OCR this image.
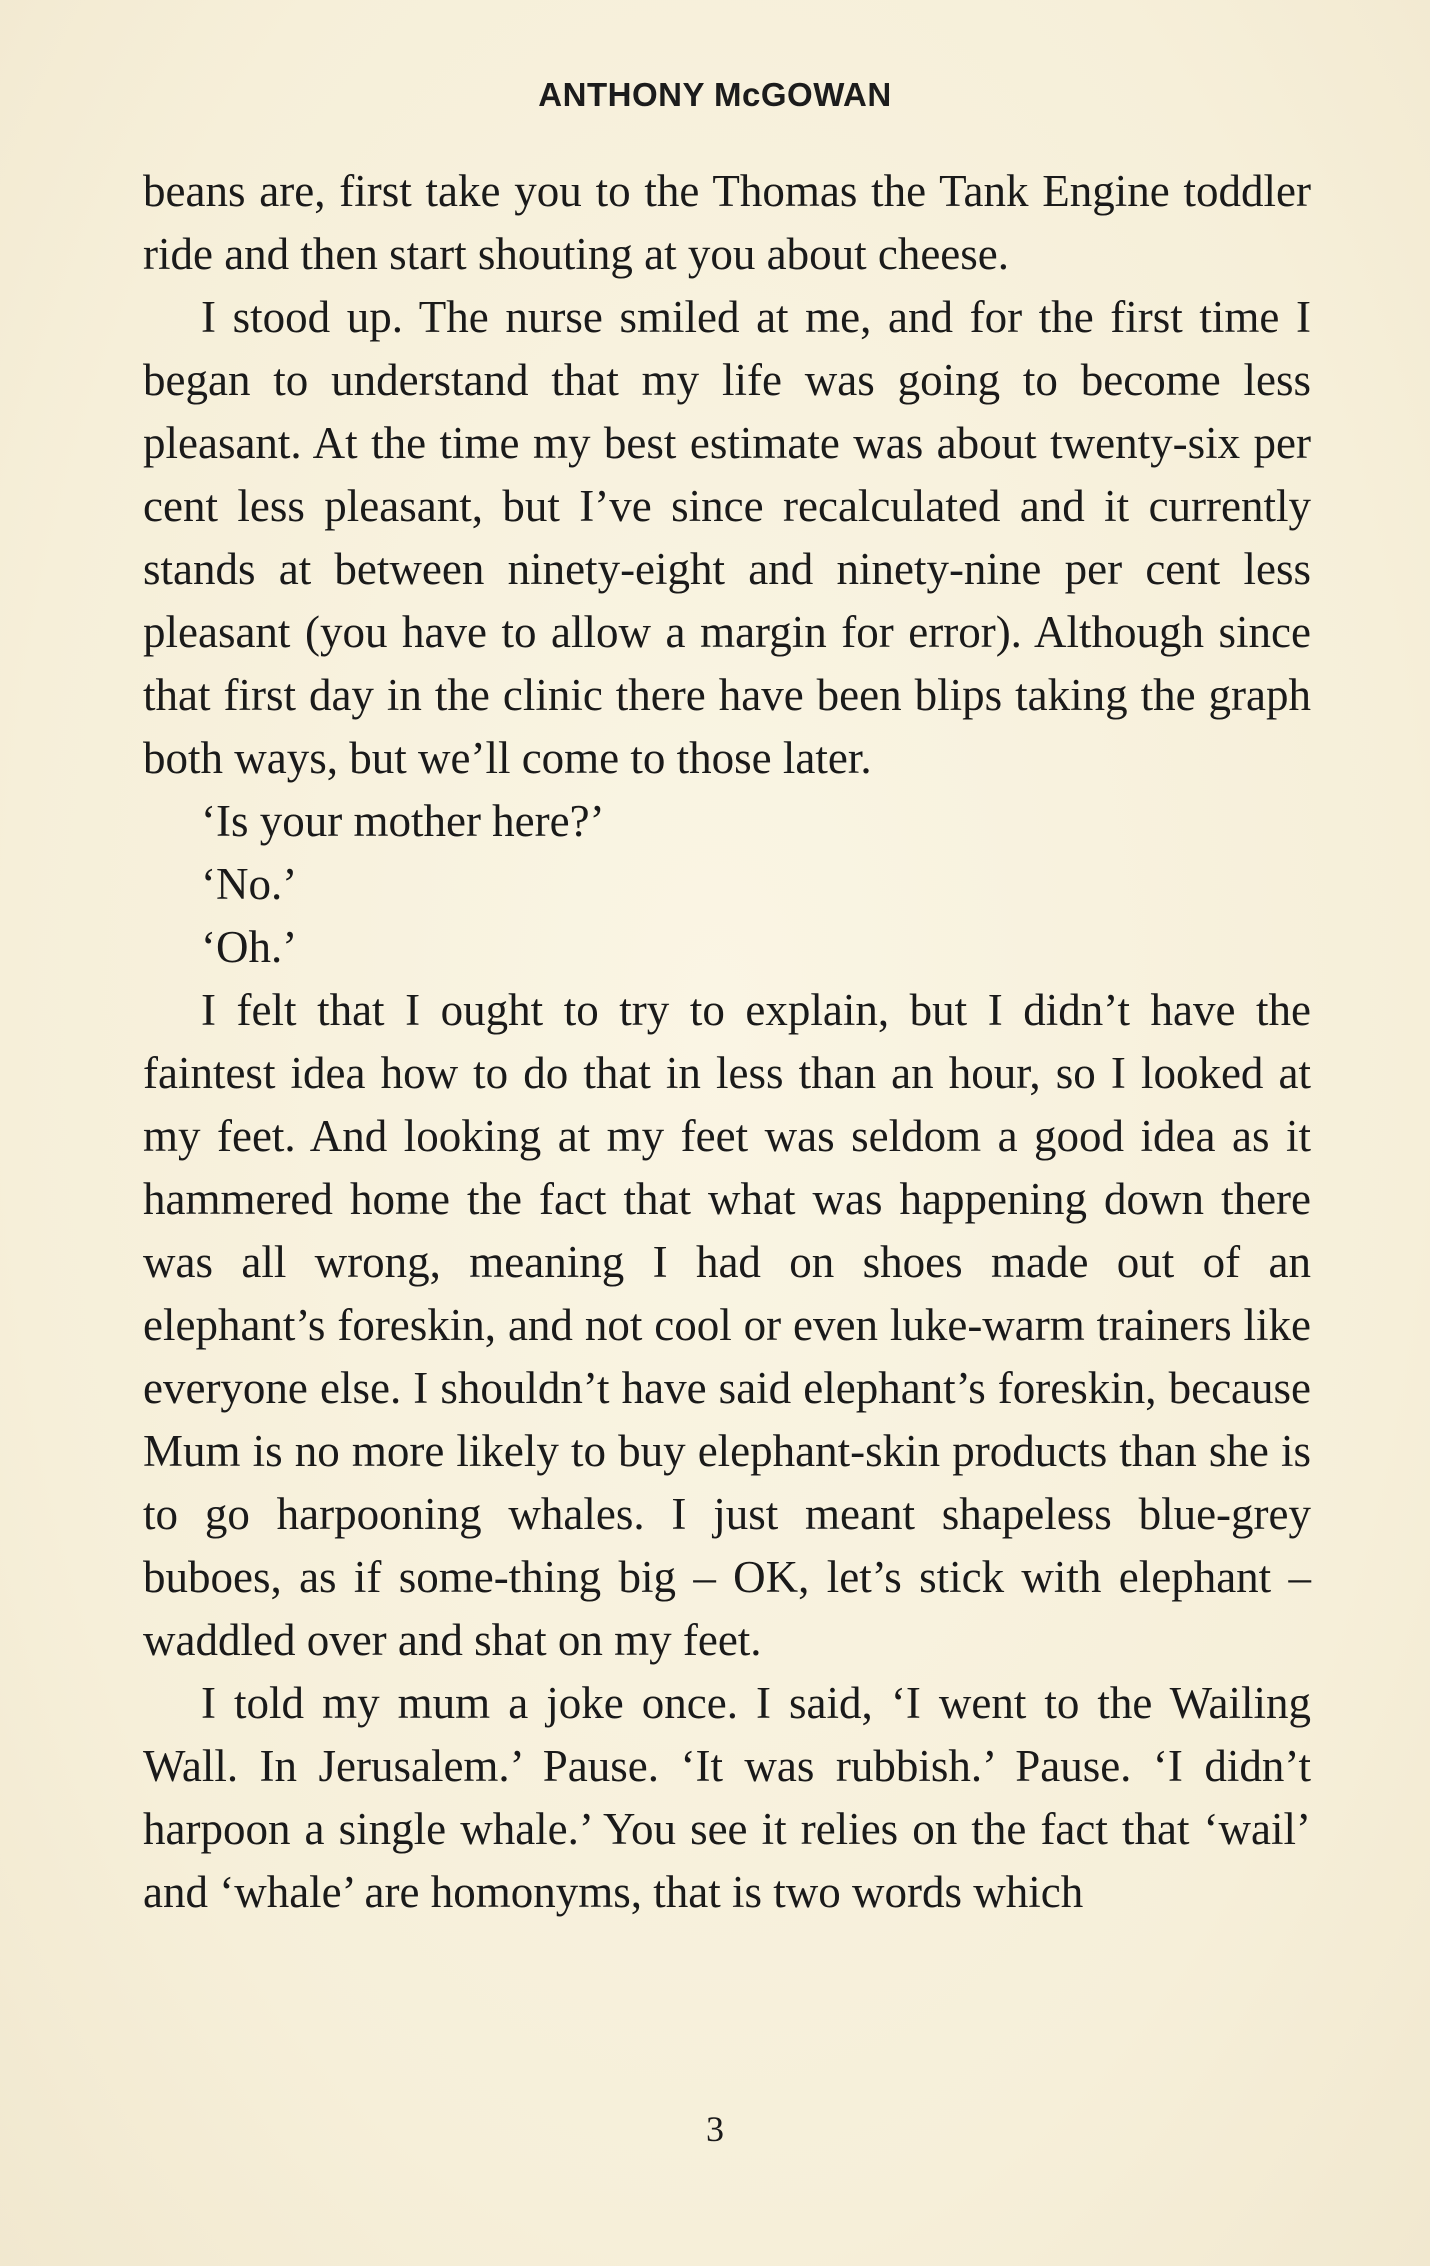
ANTHONY McGOWAN

beans are, first take you to the Thomas the Tank Engine toddler ride and then start shouting at you about cheese.

I stood up. The nurse smiled at me, and for the first time I began to understand that my life was going to become less pleasant. At the time my best estimate was about twenty-six per cent less pleasant, but I’ve since recalculated and it currently stands at between ninety-eight and ninety-nine per cent less pleasant (you have to allow a margin for error). Although since that first day in the clinic there have been blips taking the graph both ways, but we’ll come to those later.

‘Is your mother here?’

‘No.’

‘Oh.’

I felt that I ought to try to explain, but I didn’t have the faintest idea how to do that in less than an hour, so I looked at my feet. And looking at my feet was seldom a good idea as it hammered home the fact that what was happening down there was all wrong, meaning I had on shoes made out of an elephant’s foreskin, and not cool or even luke-warm trainers like everyone else. I shouldn’t have said elephant’s foreskin, because Mum is no more likely to buy elephant-skin products than she is to go harpooning whales. I just meant shapeless blue-grey buboes, as if some-thing big – OK, let’s stick with elephant – waddled over and shat on my feet.

I told my mum a joke once. I said, ‘I went to the Wailing Wall. In Jerusalem.’ Pause. ‘It was rubbish.’ Pause. ‘I didn’t harpoon a single whale.’ You see it relies on the fact that ‘wail’ and ‘whale’ are homonyms, that is two words which

3
